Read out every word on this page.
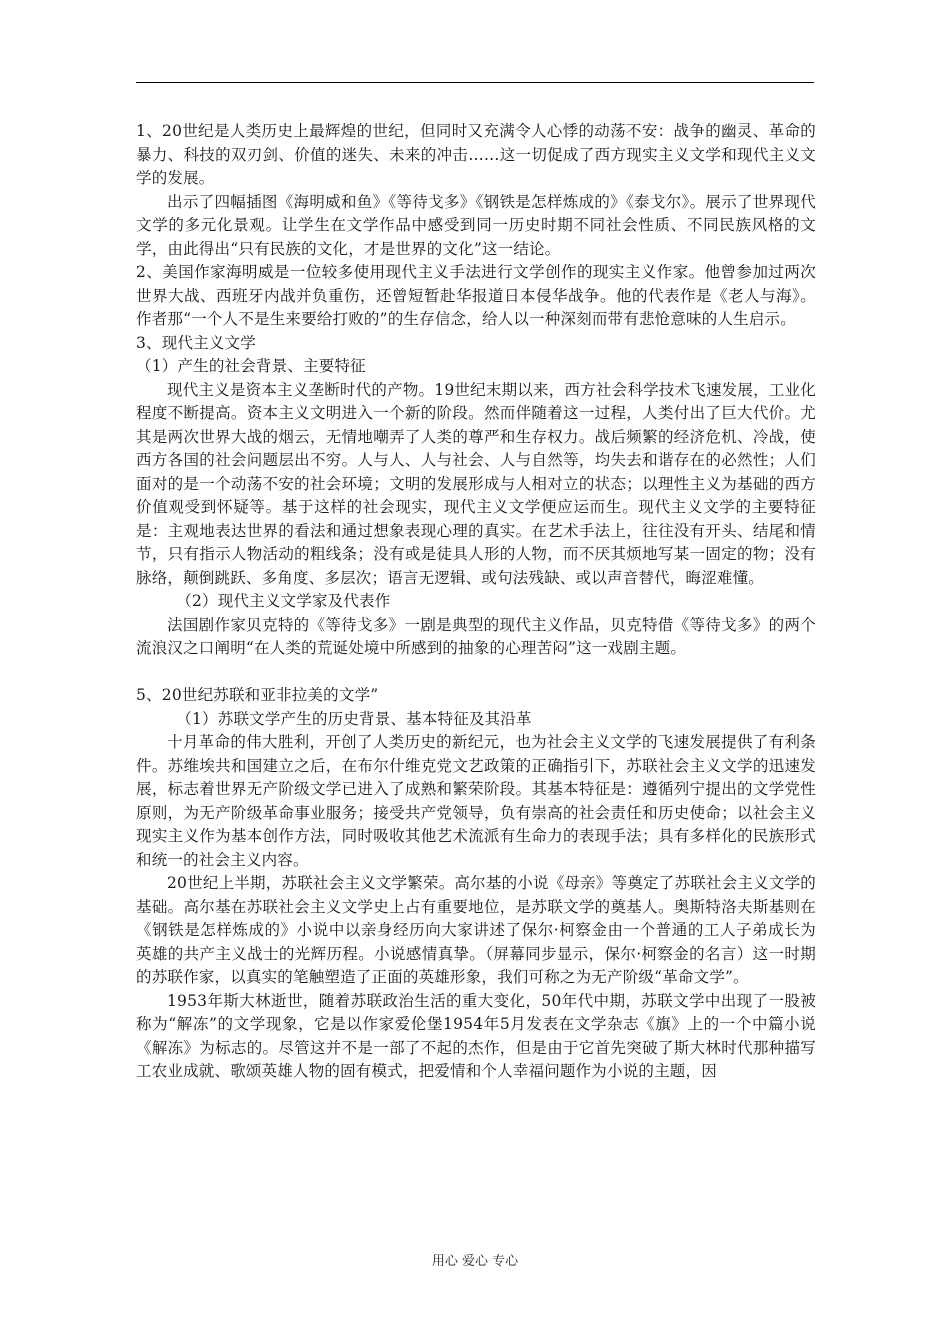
1、20世纪是人类历史上最辉煌的世纪，但同时又充满令人心悸的动荡不安：战争的幽灵、革命的暴力、科技的双刃剑、价值的迷失、未来的冲击……这一切促成了西方现实主义文学和现代主义文学的发展。

出示了四幅插图《海明威和鱼》《等待戈多》《钢铁是怎样炼成的》《泰戈尔》。展示了世界现代文学的多元化景观。让学生在文学作品中感受到同一历史时期不同社会性质、不同民族风格的文学，由此得出“只有民族的文化，才是世界的文化”这一结论。

2、美国作家海明威是一位较多使用现代主义手法进行文学创作的现实主义作家。他曾参加过两次世界大战、西班牙内战并负重伤，还曾短暂赴华报道日本侵华战争。他的代表作是《老人与海》。作者那“一个人不是生来要给打败的”的生存信念，给人以一种深刻而带有悲怆意味的人生启示。

3、现代主义文学

（1）产生的社会背景、主要特征

现代主义是资本主义垄断时代的产物。19世纪末期以来，西方社会科学技术飞速发展，工业化程度不断提高。资本主义文明进入一个新的阶段。然而伴随着这一过程，人类付出了巨大代价。尤其是两次世界大战的烟云，无情地嘲弄了人类的尊严和生存权力。战后频繁的经济危机、冷战，使西方各国的社会问题层出不穷。人与人、人与社会、人与自然等，均失去和谐存在的必然性；人们面对的是一个动荡不安的社会环境；文明的发展形成与人相对立的状态；以理性主义为基础的西方价值观受到怀疑等。基于这样的社会现实，现代主义文学便应运而生。现代主义文学的主要特征是：主观地表达世界的看法和通过想象表现心理的真实。在艺术手法上，往往没有开头、结尾和情节，只有指示人物活动的粗线条；没有或是徒具人形的人物，而不厌其烦地写某一固定的物；没有脉络，颠倒跳跃、多角度、多层次；语言无逻辑、或句法残缺、或以声音替代，晦涩难懂。

（2）现代主义文学家及代表作

法国剧作家贝克特的《等待戈多》一剧是典型的现代主义作品，贝克特借《等待戈多》的两个流浪汉之口阐明“在人类的荒诞处境中所感到的抽象的心理苦闷”这一戏剧主题。

5、20世纪苏联和亚非拉美的文学”

（1）苏联文学产生的历史背景、基本特征及其沿革

十月革命的伟大胜利，开创了人类历史的新纪元，也为社会主义文学的飞速发展提供了有利条件。苏维埃共和国建立之后，在布尔什维克党文艺政策的正确指引下，苏联社会主义文学的迅速发展，标志着世界无产阶级文学已进入了成熟和繁荣阶段。其基本特征是：遵循列宁提出的文学党性原则，为无产阶级革命事业服务；接受共产党领导，负有崇高的社会责任和历史使命；以社会主义现实主义作为基本创作方法，同时吸收其他艺术流派有生命力的表现手法；具有多样化的民族形式和统一的社会主义内容。

20世纪上半期，苏联社会主义文学繁荣。高尔基的小说《母亲》等奠定了苏联社会主义文学的基础。高尔基在苏联社会主义文学史上占有重要地位，是苏联文学的奠基人。奥斯特洛夫斯基则在《钢铁是怎样炼成的》小说中以亲身经历向大家讲述了保尔·柯察金由一个普通的工人子弟成长为英雄的共产主义战士的光辉历程。小说感情真挚。（屏幕同步显示，保尔·柯察金的名言）这一时期的苏联作家，以真实的笔触塑造了正面的英雄形象，我们可称之为无产阶级“革命文学”。

1953年斯大林逝世，随着苏联政治生活的重大变化，50年代中期，苏联文学中出现了一股被称为“解冻”的文学现象，它是以作家爱伦堡1954年5月发表在文学杂志《旗》上的一个中篇小说《解冻》为标志的。尽管这并不是一部了不起的杰作，但是由于它首先突破了斯大林时代那种描写工农业成就、歌颂英雄人物的固有模式，把爱情和个人幸福问题作为小说的主题，因

用心 爱心 专心
